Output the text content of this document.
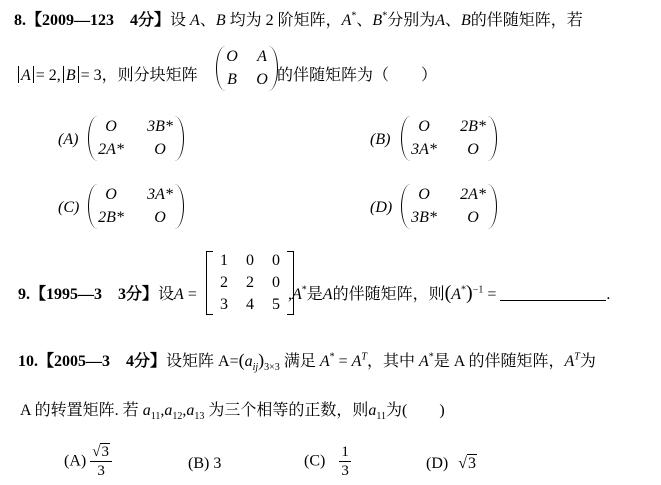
8.【2009—123　4分】设 A、B 均为 2 阶矩阵，A*、B*分别为A、B的伴随矩阵，若
A = 2, B = 3，则分块矩阵
O A
B O 的伴随矩阵为（　　）
(A)
O	3B*
2A*	O
(B)
O	2B*
3A*	O
(C)
O	3A*
2B*	O
(D)
O	2A*
3B*	O
9.【1995—3　3分】设A =
1	0	0
2	2	0
3	4	5
,A*是A的伴随矩阵，则$(A^*)^{-1}$ =	.
10.【2005—3　4分】设矩阵 $A=(a_{ij})_{3\times 3}$ 满足 $A^* = A^T$，其中 A*是 A 的伴随矩阵，$A^T$为
A 的转置矩阵. 若 $a_{11},a_{12},a_{13}$ 为三个相等的正数，则$a_{11}$为(　　)
$(A) \frac{√3}{3}$	(B) 3	$(C) \frac{1}{3}$	(D) √3
